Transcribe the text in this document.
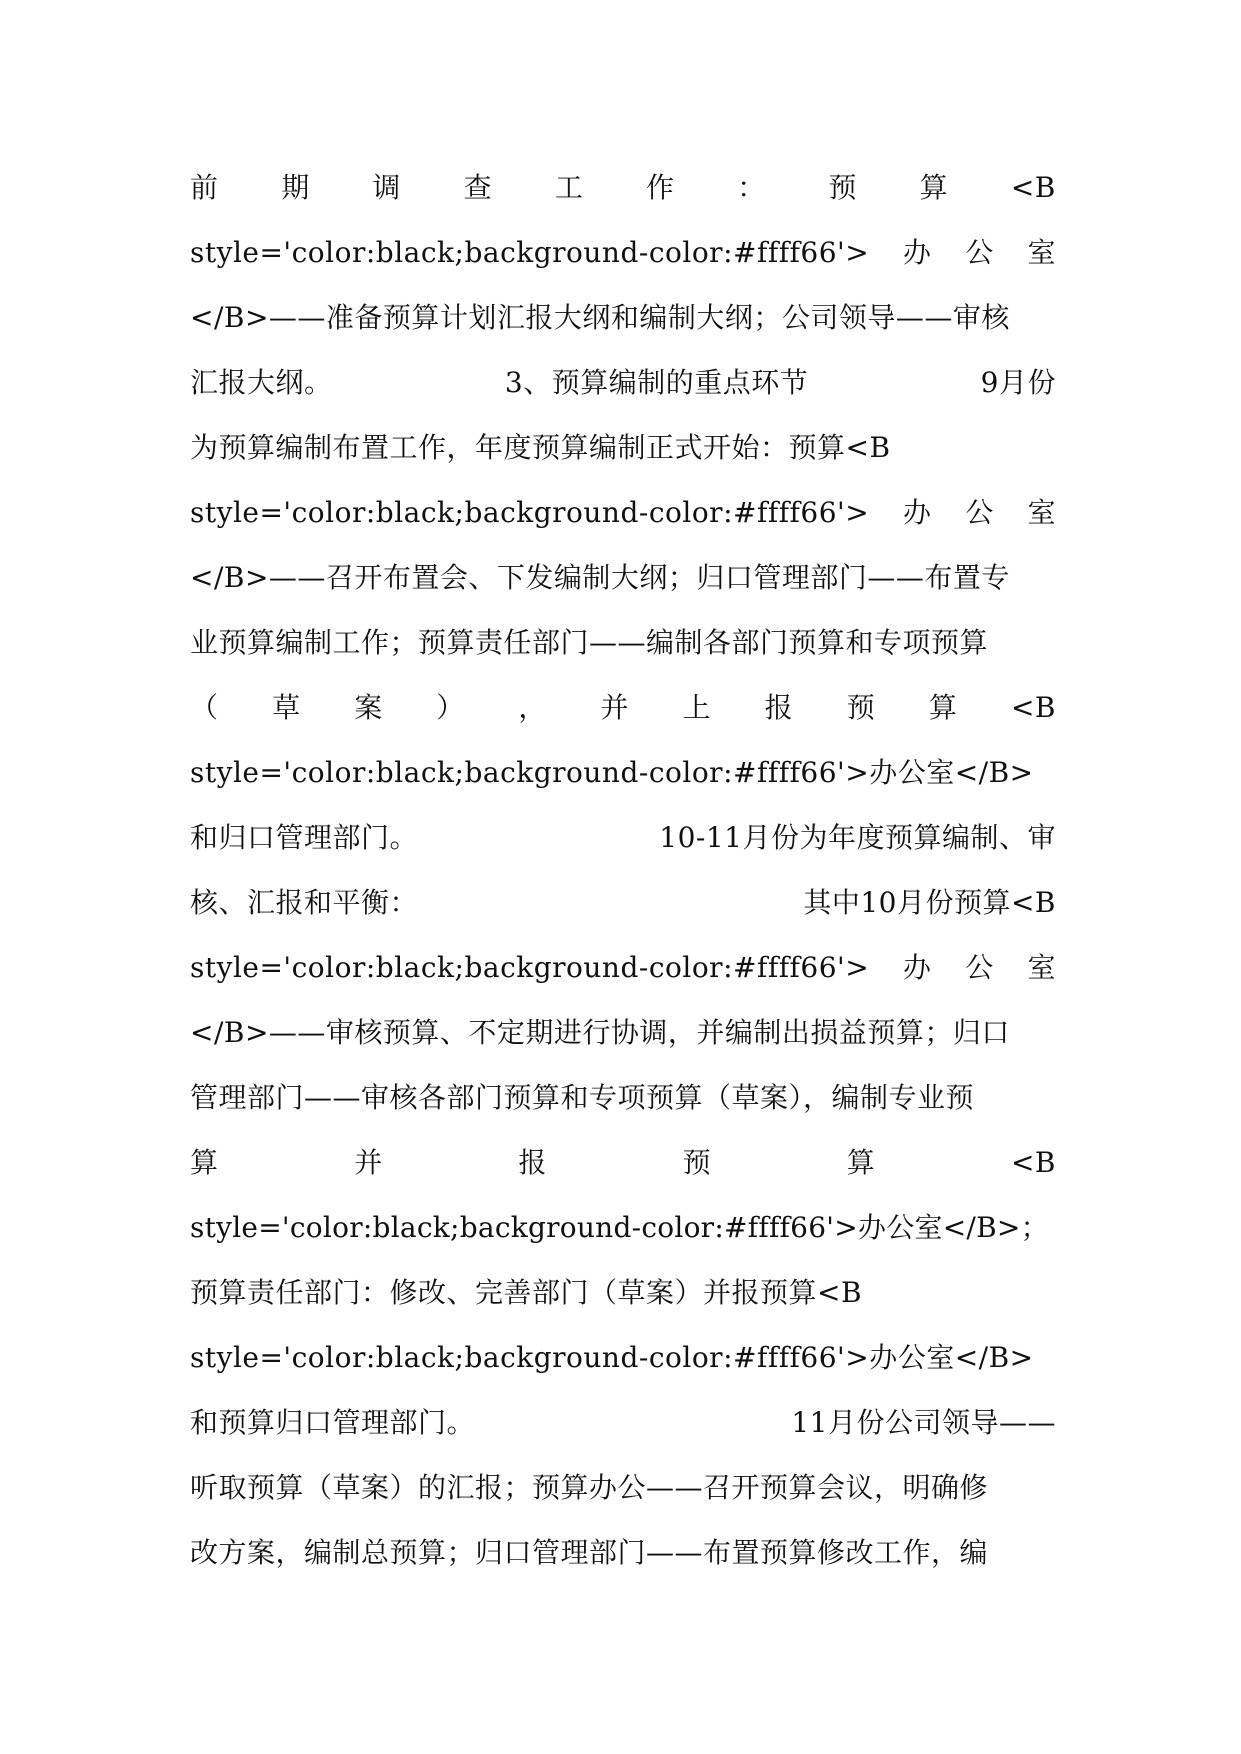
前 期 调 查 工 作 ： 预 算 <B
style='color:black;background-color:#ffff66'> 办 公 室
</B>——准备预算计划汇报大纲和编制大纲；公司领导——审核
汇报大纲。	3、预算编制的重点环节	9月份
为预算编制布置工作，年度预算编制正式开始：预算<B
style='color:black;background-color:#ffff66'> 办 公 室
</B>——召开布置会、下发编制大纲；归口管理部门——布置专
业预算编制工作；预算责任部门——编制各部门预算和专项预算
（ 草 案 ） ， 并 上 报 预 算 <B
style='color:black;background-color:#ffff66'>办公室</B>
和归口管理部门。	10-11月份为年度预算编制、审
核、汇报和平衡：	其中10月份预算<B
style='color:black;background-color:#ffff66'> 办 公 室
</B>——审核预算、不定期进行协调，并编制出损益预算；归口
管理部门——审核各部门预算和专项预算（草案），编制专业预
算	并	报	预	算	<B
style='color:black;background-color:#ffff66'>办公室</B>；
预算责任部门：修改、完善部门（草案）并报预算<B
style='color:black;background-color:#ffff66'>办公室</B>
和预算归口管理部门。	11月份公司领导——
听取预算（草案）的汇报；预算办公——召开预算会议，明确修
改方案，编制总预算；归口管理部门——布置预算修改工作，编
